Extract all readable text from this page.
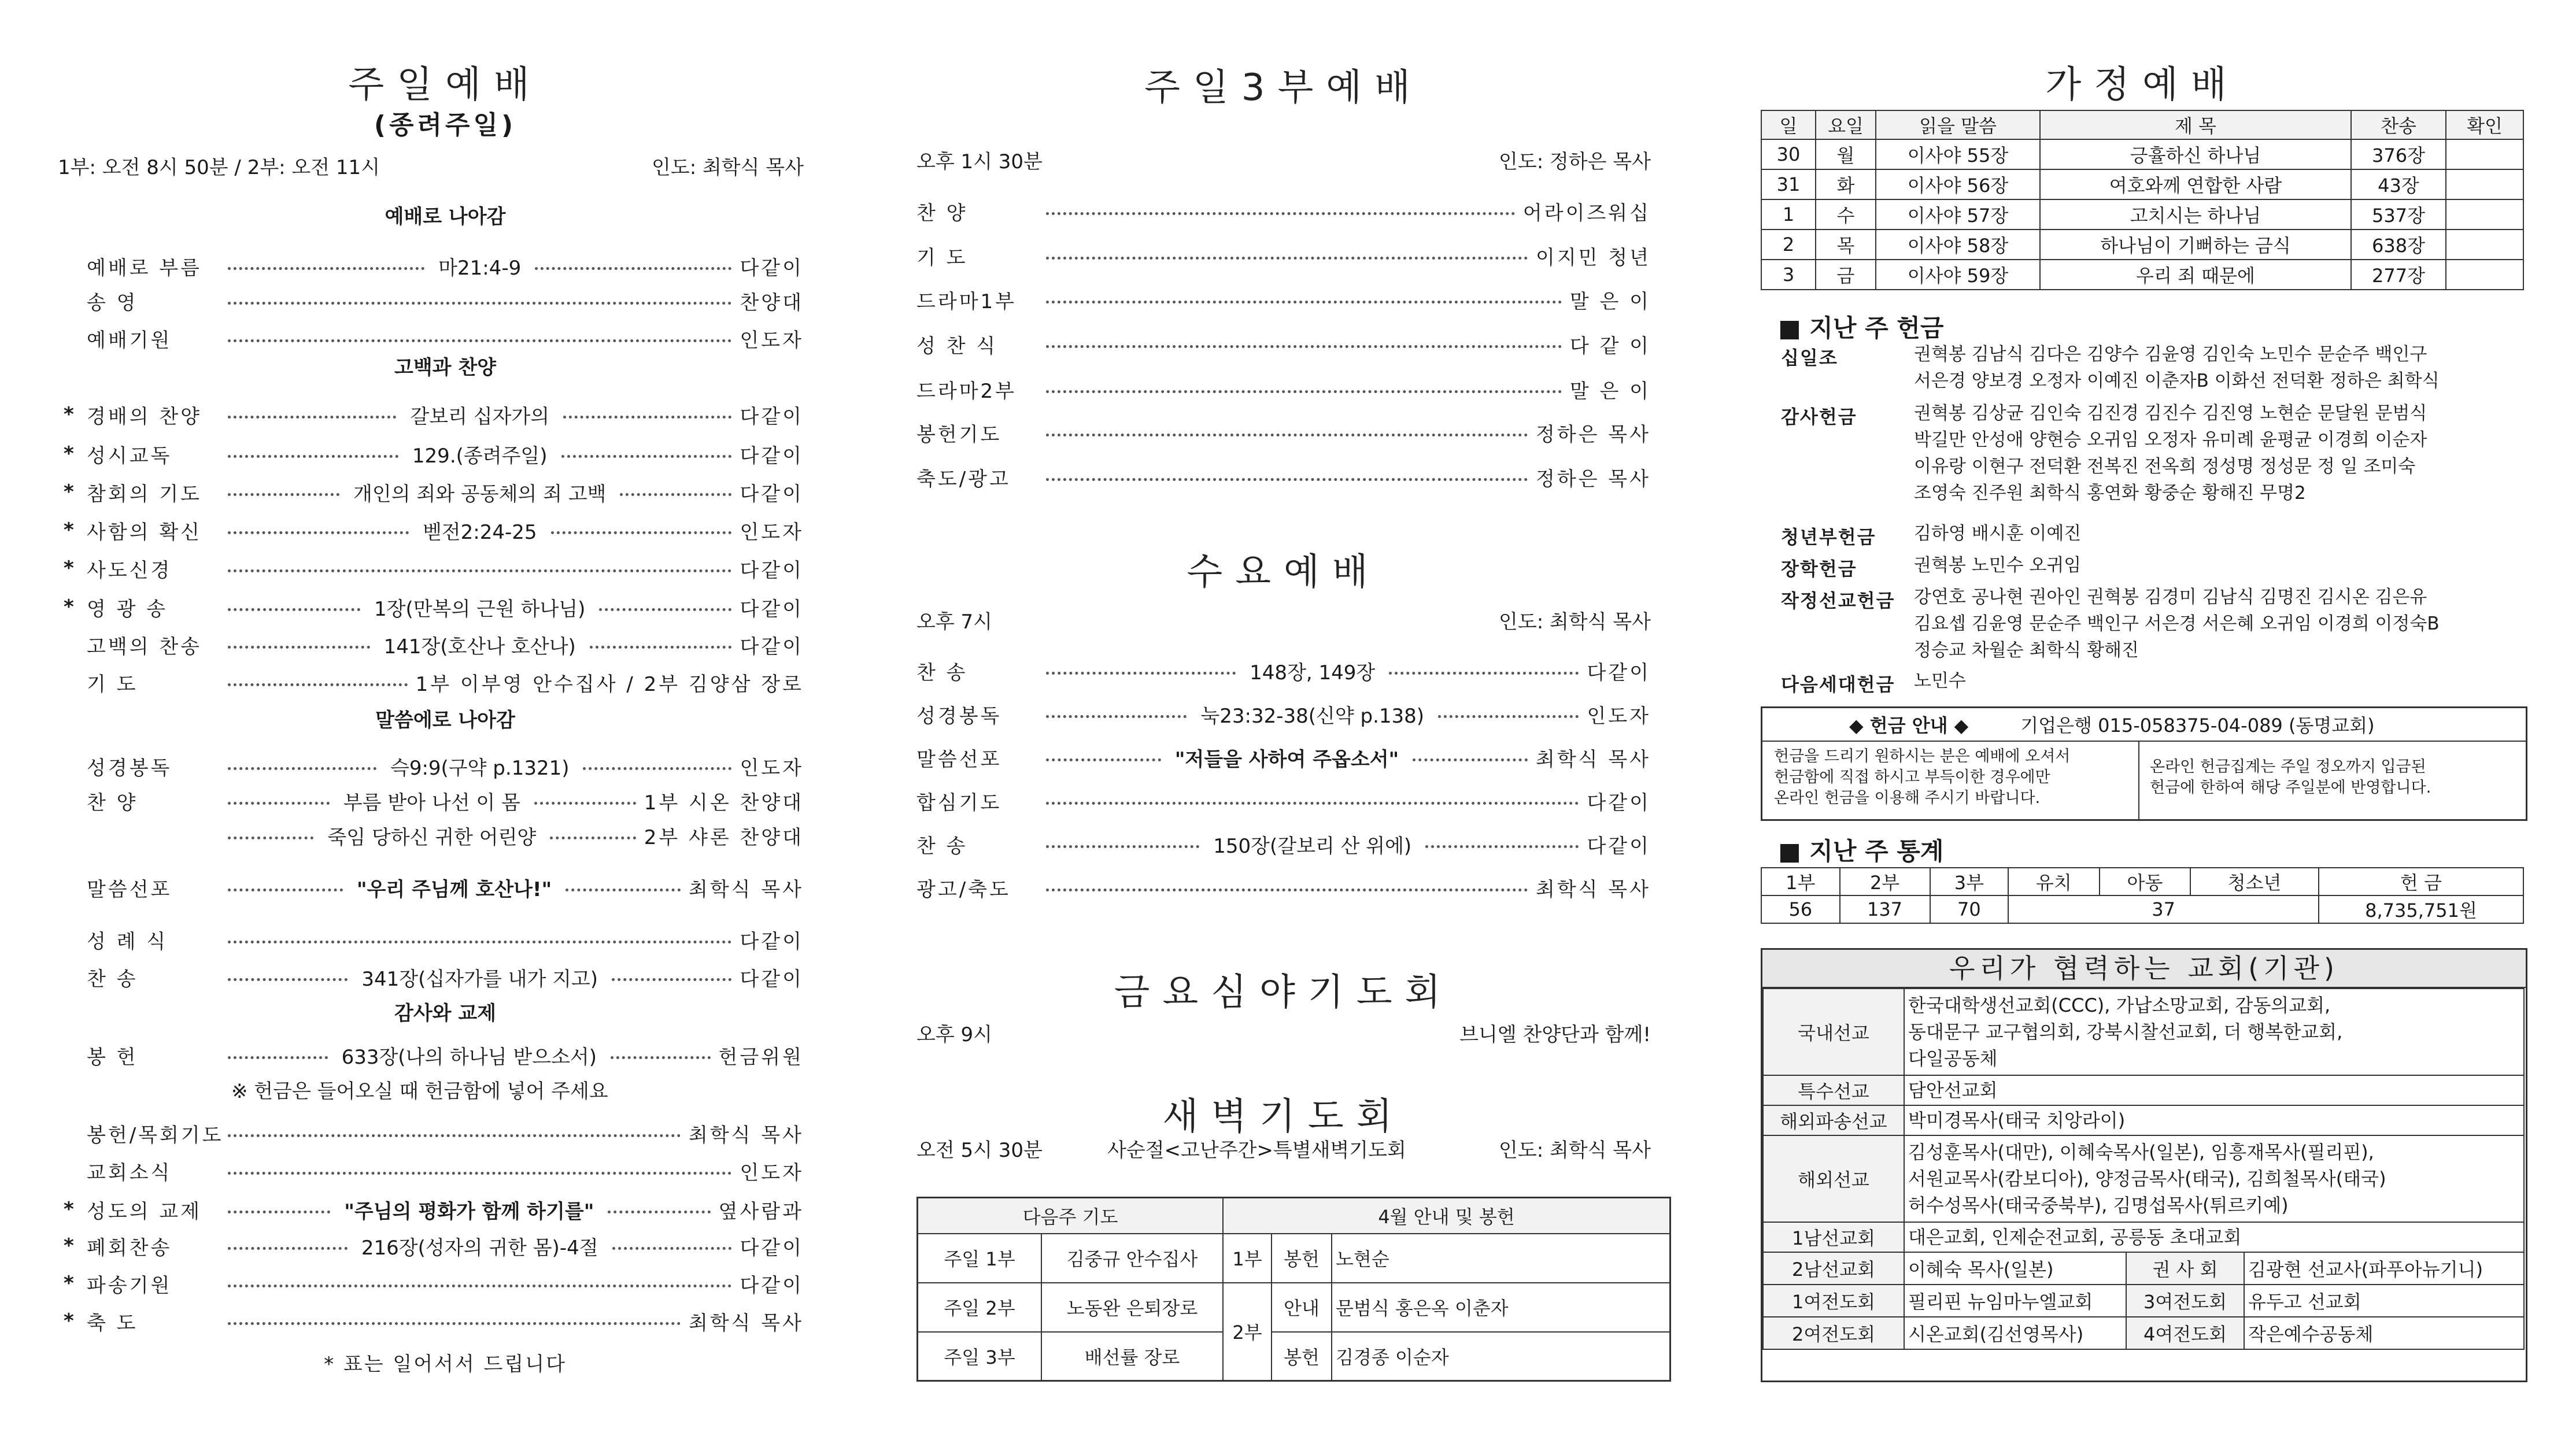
주일예배
(종려주일)
1부: 오전 8시 50분 / 2부: 오전 11시	인도: 최학식 목사
예배로 부름	마21:4-9	다같이
송 영	찬양대
예배기원	인도자
* 경배의 찬양	갈보리 십자가의	다같이
* 성시교독	129.(종려주일)	다같이
* 참회의 기도	개인의 죄와 공동체의 죄 고백	다같이
* 사함의 확신	벧전2:24-25	인도자
* 사도신경	다같이
* 영 광 송	1장(만복의 근원 하나님)	다같이
고백의 찬송	141장(호산나 호산나)	다같이
기 도	1부 이부영 안수집사 / 2부 김양삼 장로
성경봉독	슥9:9(구약 p.1321)	인도자
찬 양	부름 받아 나선 이 몸	1부 시온 찬양대
죽임 당하신 귀한 어린양	2부 샤론 찬양대
말씀선포	"우리 주님께 호산나!"	최학식 목사
성 례 식	다같이
찬 송	341장(십자가를 내가 지고)	다같이
봉 헌	633장(나의 하나님 받으소서)	헌금위원
봉헌/목회기도	최학식 목사
교회소식	인도자
* 성도의 교제	"주님의 평화가 함께 하기를"	옆사람과
* 폐회찬송	216장(성자의 귀한 몸)-4절	다같이
* 파송기원	다같이
* 축 도	최학식 목사
예배로 나아감
고백과 찬양
말씀에로 나아감
감사와 교제
※ 헌금은 들어오실 때 헌금함에 넣어 주세요
* 표는 일어서서 드립니다
주일3부예배
오후 1시 30분	인도: 정하은 목사
찬 양	어라이즈워십
기 도	이지민 청년
드라마1부	말 은 이
성 찬 식	다 같 이
드라마2부	말 은 이
봉헌기도	정하은 목사
축도/광고	정하은 목사
수요예배
오후 7시	인도: 최학식 목사
찬 송	148장, 149장	다같이
성경봉독	눅23:32-38(신약 p.138)	인도자
말씀선포	"저들을 사하여 주옵소서"	최학식 목사
합심기도	다같이
찬 송	150장(갈보리 산 위에)	다같이
광고/축도	최학식 목사
금요심야기도회
오후 9시	브니엘 찬양단과 함께!
새벽기도회
오전 5시 30분	사순절<고난주간>특별새벽기도회	인도: 최학식 목사
다음주 기도		4월 안내 및 봉헌		
주일 1부	김중규 안수집사	1부	봉헌	노현순
주일 2부	노동완 은퇴장로	2부	안내	문범식 홍은옥 이춘자
주일 3부	배선률 장로		봉헌	김경종 이순자
가정예배
일	요일	읽을 말씀	제 목	찬송	확인
30	월	이사야 55장	긍휼하신 하나님	376장	
31	화	이사야 56장	여호와께 연합한 사람	43장	
1	수	이사야 57장	고치시는 하나님	537장	
2	목	이사야 58장	하나님이 기뻐하는 금식	638장	
3	금	이사야 59장	우리 죄 때문에	277장	
■ 지난 주 헌금
십일조	권혁봉 김남식 김다은 김양수 김윤영 김인숙 노민수 문순주 백인구
서은경 양보경 오정자 이예진 이춘자B 이화선 전덕환 정하은 최학식
감사헌금	권혁봉 김상균 김인숙 김진경 김진수 김진영 노현순 문달원 문범식
박길만 안성애 양현승 오귀임 오정자 유미례 윤평균 이경희 이순자
이유랑 이현구 전덕환 전복진 전옥희 정성명 정성문 정 일 조미숙
조영숙 진주원 최학식 홍연화 황중순 황해진 무명2
청년부헌금 김하영 배시훈 이예진
장학헌금	권혁봉 노민수 오귀임
작정선교헌금 강연호 공나현 권아인 권혁봉 김경미 김남식 김명진 김시온 김은유
김요셉 김윤영 문순주 백인구 서은경 서은혜 오귀임 이경희 이정숙B
정승교 차월순 최학식 황해진
다음세대헌금 노민수
◆ 헌금 안내 ◆	기업은행 015-058375-04-089 (동명교회)
헌금을 드리기 원하시는 분은 예배에 오셔서
헌금함에 직접 하시고 부득이한 경우에만
온라인 헌금을 이용해 주시기 바랍니다.
온라인 헌금집계는 주일 정오까지 입금된
헌금에 한하여 해당 주일분에 반영합니다.
■ 지난 주 통계
1부	2부	3부	유치	아동	청소년	헌 금
56	137	70	37			8,735,751원
우리가 협력하는 교회(기관)
국내선교	한국대학생선교회(CCC), 가납소망교회, 감동의교회,
동대문구 교구협의회, 강북시찰선교회, 더 행복한교회,
다일공동체		
특수선교	담안선교회		
해외파송선교	박미경목사(태국 치앙라이)		
해외선교	김성훈목사(대만), 이혜숙목사(일본), 임흥재목사(필리핀),
서원교목사(캄보디아), 양정금목사(태국), 김희철목사(태국)
허수성목사(태국중북부), 김명섭목사(튀르키예)		
1남선교회	대은교회, 인제순전교회, 공릉동 초대교회		
2남선교회	이혜숙 목사(일본)	권 사 회	김광현 선교사(파푸아뉴기니)
1여전도회	필리핀 뉴임마누엘교회	3여전도회	유두고 선교회
2여전도회	시온교회(김선영목사)	4여전도회	작은예수공동체
